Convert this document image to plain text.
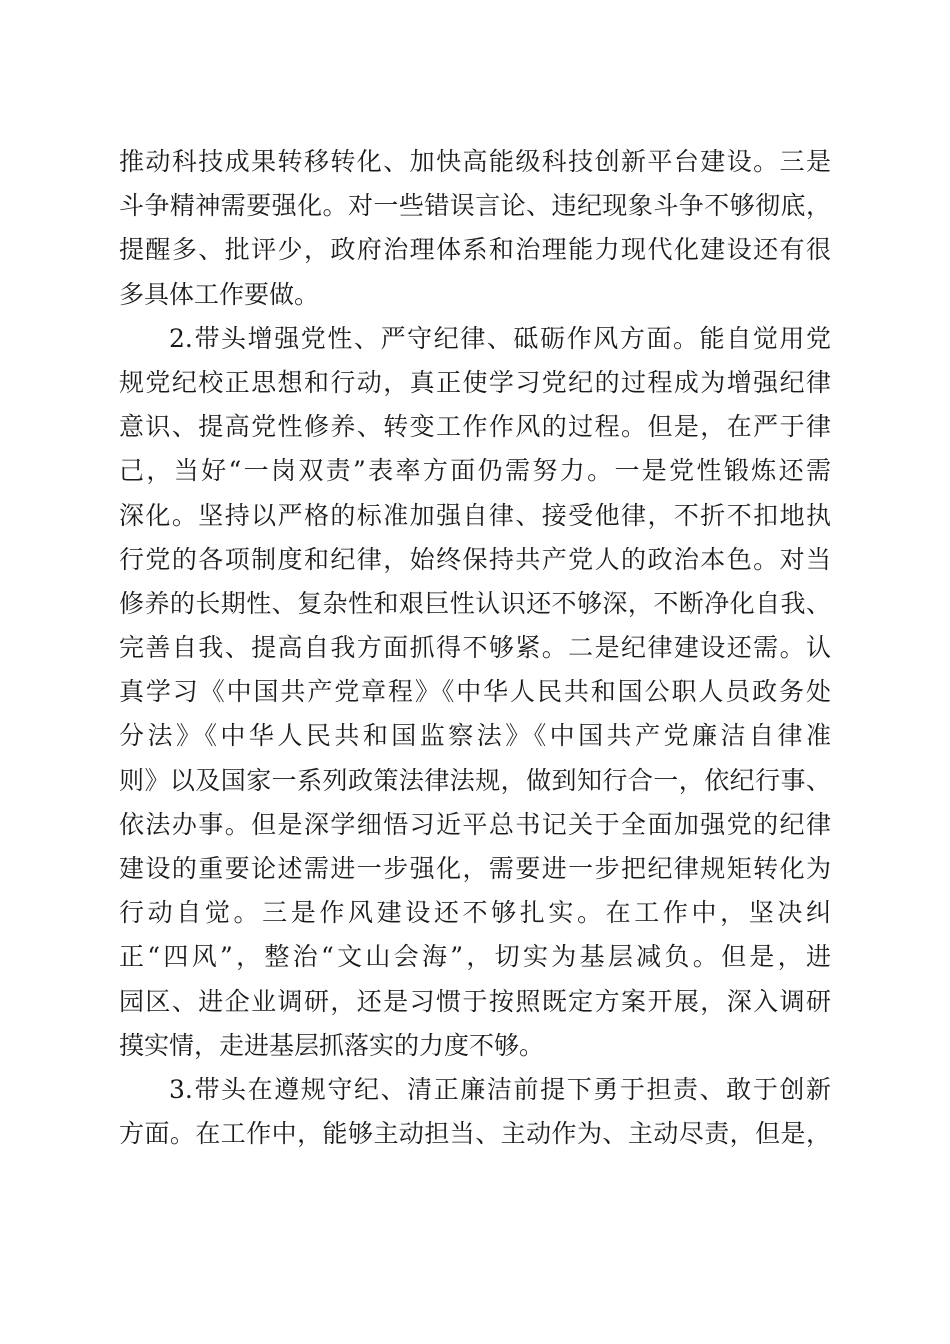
推动科技成果转移转化、加快高能级科技创新平台建设。三是
斗争精神需要强化。对一些错误言论、违纪现象斗争不够彻底，
提醒多、批评少，政府治理体系和治理能力现代化建设还有很
多具体工作要做。
2.带头增强党性、严守纪律、砥砺作风方面。能自觉用党
规党纪校正思想和行动，真正使学习党纪的过程成为增强纪律
意识、提高党性修养、转变工作作风的过程。但是，在严于律
己，当好“一岗双责”表率方面仍需努力。一是党性锻炼还需
深化。坚持以严格的标准加强自律、接受他律，不折不扣地执
行党的各项制度和纪律，始终保持共产党人的政治本色。对当
修养的长期性、复杂性和艰巨性认识还不够深，不断净化自我、
完善自我、提高自我方面抓得不够紧。二是纪律建设还需。认
真学习《中国共产党章程》《中华人民共和国公职人员政务处
分法》《中华人民共和国监察法》《中国共产党廉洁自律准
则》以及国家一系列政策法律法规，做到知行合一，依纪行事、
依法办事。但是深学细悟习近平总书记关于全面加强党的纪律
建设的重要论述需进一步强化，需要进一步把纪律规矩转化为
行动自觉。三是作风建设还不够扎实。在工作中，坚决纠
正“四风”，整治“文山会海”，切实为基层减负。但是，进
园区、进企业调研，还是习惯于按照既定方案开展，深入调研
摸实情，走进基层抓落实的力度不够。
3.带头在遵规守纪、清正廉洁前提下勇于担责、敢于创新
方面。在工作中，能够主动担当、主动作为、主动尽责，但是，
